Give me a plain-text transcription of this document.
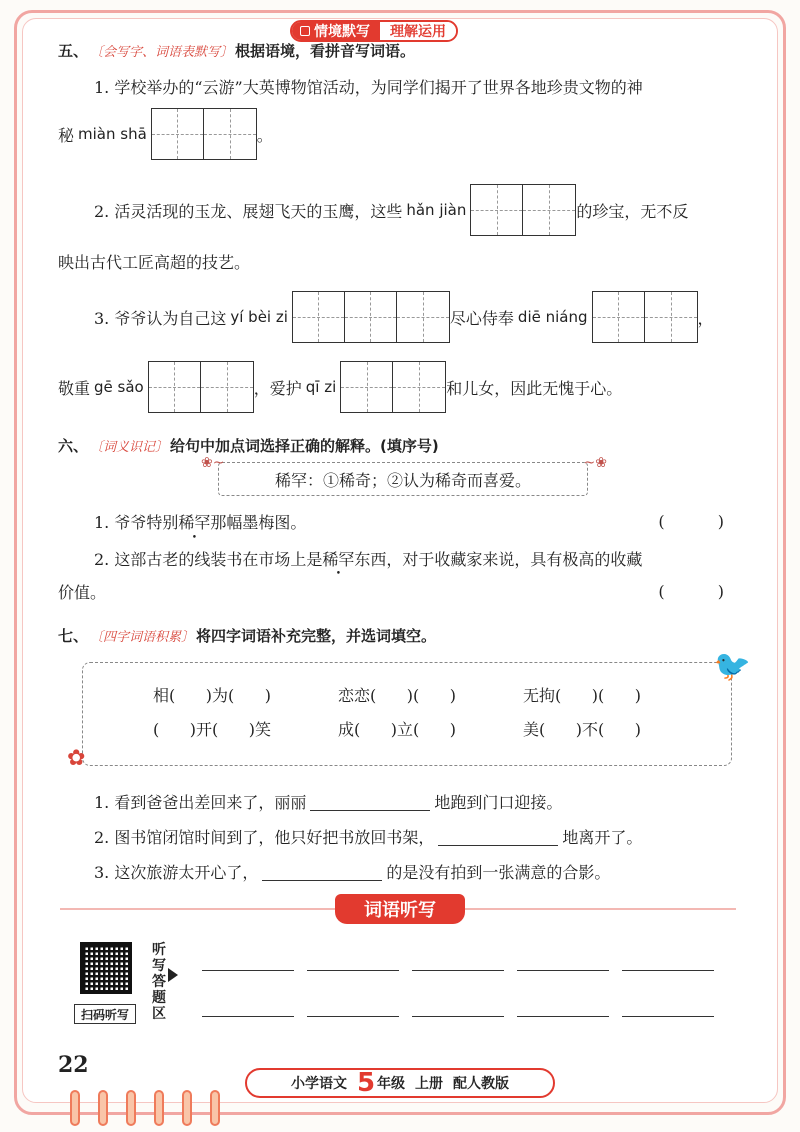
情境默写	理解运用
五、 〔会写字、词语表默写〕 根据语境，看拼音写词语。
1. 学校举办的“云游”大英博物馆活动，为同学们揭开了世界各地珍贵文物的神
秘 miàn shā	。
2. 活灵活现的玉龙、展翅飞天的玉鹰，这些 hǎn jiàn	的珍宝，无不反
映出古代工匠高超的技艺。
3. 爷爷认为自己这 yí bèi zi	尽心侍奉 diē niáng	，
敬重 gē sǎo	，爱护 qī zi	和儿女，因此无愧于心。
六、 〔词义识记〕 给句中加点词选择正确的解释。(填序号)
❀~
稀罕：①稀奇；②认为稀奇而喜爱。
~❀
1. 爷爷特别 稀罕 • 那幅墨梅图。	( )
2. 这部古老的线装书在市场上是稀罕东西，对于收藏家来说，具有极高的收藏
价值。	( )
七、 〔四字词语积累〕 将四字词语补充完整，并选词填空。
相(      )为(      )	恋恋(      )(      )	无拘(      )(      )
(      )开(      )笑	成(      )立(      )	美(      )不(      )
🐦
✿
1. 看到爸爸出差回来了，丽丽	地跑到门口迎接。
2. 图书馆闭馆时间到了，他只好把书放回书架，	地离开了。
3. 这次旅游太开心了，	的是没有拍到一张满意的合影。
词语听写
扫码听写
听写答题区
22
小学语文 5 年级 上册 配人教版
